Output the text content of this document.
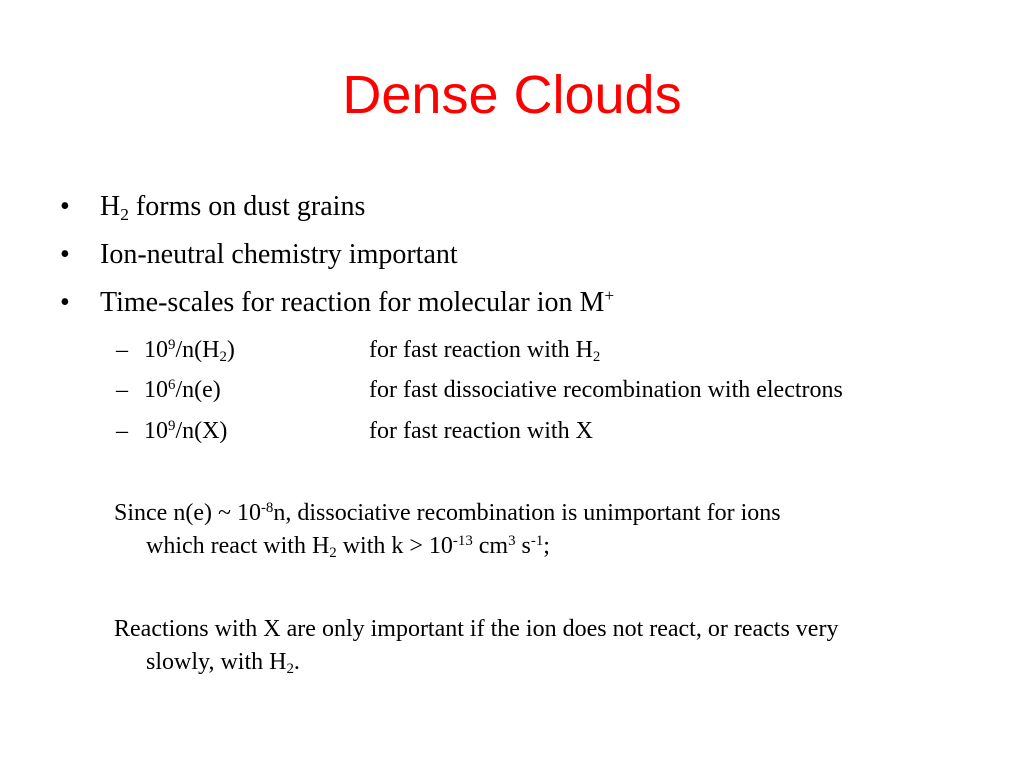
Dense Clouds
•	$H_2$ forms on dust grains
•	Ion-neutral chemistry important
•	Time-scales for reaction for molecular ion M+
– $10^9/n(H_2)$	for fast reaction with $H_2$
– $10^6/n(e)$	for fast dissociative recombination with electrons
– $10^9/n(X)$	for fast reaction with X
Since n(e) ~ $10^{-8}n$, dissociative recombination is unimportant for ions
which react with $H_2$ with $k > 10^{-13}$ $cm^3$ $s^{-1}$;
Reactions with X are only important if the ion does not react, or reacts very
slowly, with $H_2$.
